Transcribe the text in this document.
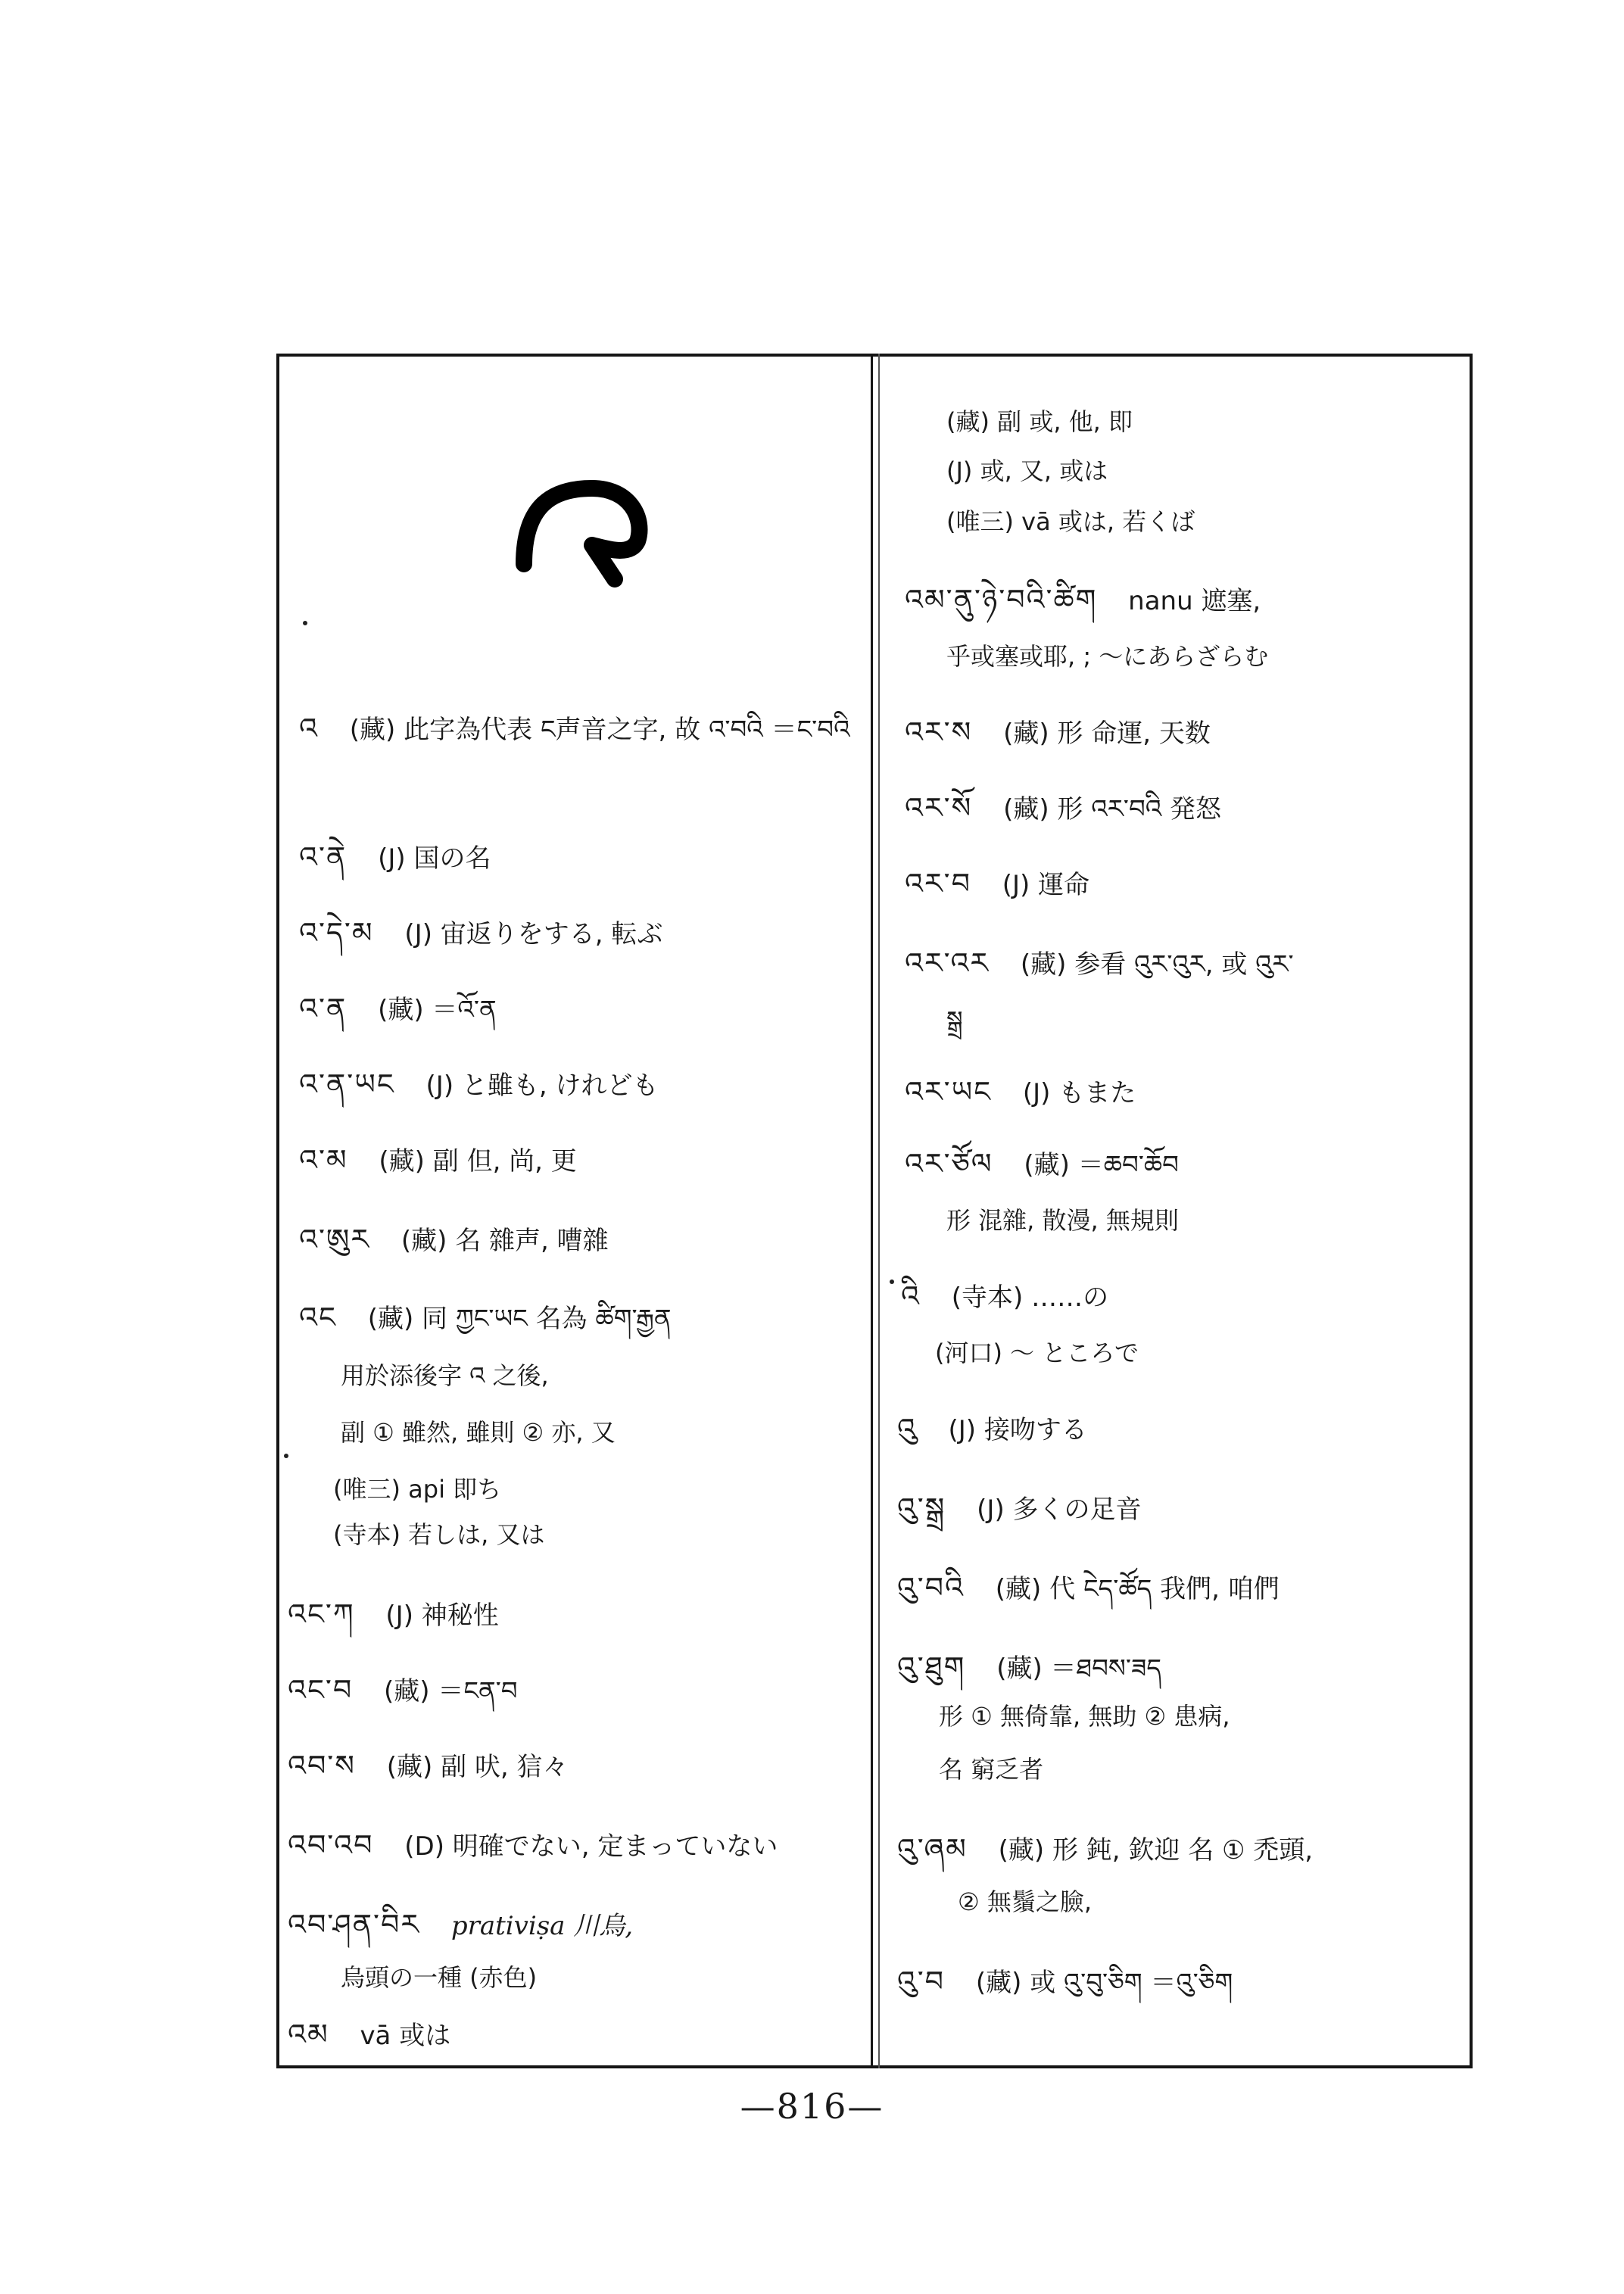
འ (藏) 此字為代表 ང声音之字, 故 འ་བའི ＝ང་བའི
འ་ནེ (J) 国の名
འ་དེ་མ (J) 宙返りをする, 転ぶ
འ་ན (藏) ＝འོ་ན
འ་ན་ཡང (J) と雖も, けれども
འ་མ (藏) 副 但, 尚, 更
འ་ཨུར (藏) 名 雜声, 嘈雜
འང (藏) 同 ཀྱང་ཡང 名為 ཚིག་རྒྱན
用於添後字 འ 之後,
副 ① 雖然, 雖則 ② 亦, 又
(唯三) api 即ち
(寺本) 若しは, 又は
འང་ཀ (J) 神秘性
འང་བ (藏) ＝ངན་བ
འབ་ས (藏) 副 吠, 狺々
འབ་འབ (D) 明確でない, 定まっていない
འབ་ཤན་བིར prativiṣa 川烏,
烏頭の一種 (赤色)
འམ vā 或は
(藏) 副 或, 他, 即
(J) 或, 又, 或は
(唯三) vā 或は, 若くば
འམ་ནུ་ཉེ་བའི་ཚིག nanu 遮塞,
乎或塞或耶, ; ～にあらざらむ
འར་ས (藏) 形 命運, 天数
འར་སོ (藏) 形 འར་བའི 発怒
འར་བ (J) 運命
འར་འར (藏) 参看 འུར་འུར, 或 འུར་
སྒྲ
འར་ཡང (J) もまた
འར་ཙོལ (藏) ＝ཆབ་ཆོབ
形 混雜, 散漫, 無規則
འི (寺本) ……の
(河口) ～ ところで
འུ (J) 接吻する
འུ་སྒྲ (J) 多くの足音
འུ་བའི (藏) 代 ངེད་ཚོད 我們, 咱們
འུ་ཐུག (藏) ＝ཐབས་ཟད
形 ① 無倚靠, 無助 ② 患病,
名 窮乏者
འུ་ཞམ (藏) 形 鈍, 欽迎 名 ① 禿頭,
② 無鬚之臉,
འུ་བ (藏) 或 འུ་བུ་ཅིག ＝འུ་ཅིག
—816—
